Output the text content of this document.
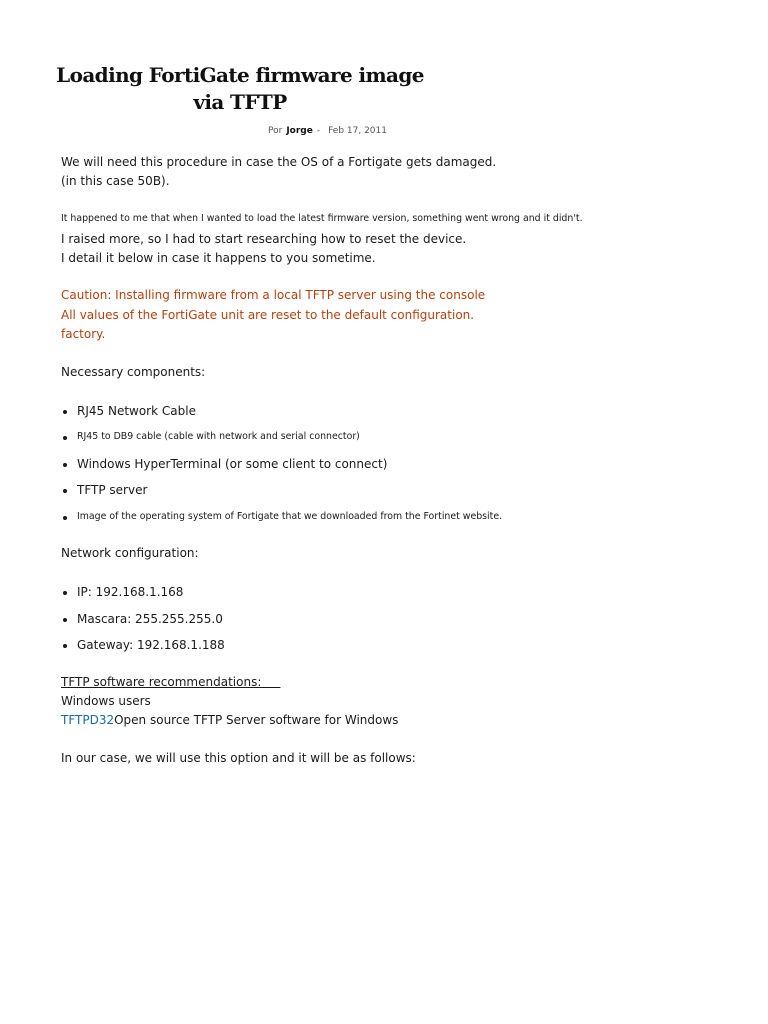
Loading FortiGate firmware image
via TFTP
Por Jorge - Feb 17, 2011
We will need this procedure in case the OS of a Fortigate gets damaged.
(in this case 50B).
It happened to me that when I wanted to load the latest firmware version, something went wrong and it didn't.
I raised more, so I had to start researching how to reset the device.
I detail it below in case it happens to you sometime.
Caution: Installing firmware from a local TFTP server using the console
All values of the FortiGate unit are reset to the default configuration.
factory.
Necessary components:
RJ45 Network Cable
RJ45 to DB9 cable (cable with network and serial connector)
Windows HyperTerminal (or some client to connect)
TFTP server
Image of the operating system of Fortigate that we downloaded from the Fortinet website.
Network configuration:
IP: 192.168.1.168
Mascara: 255.255.255.0
Gateway: 192.168.1.188
TFTP software recommendations:
Windows users
TFTPD32Open source TFTP Server software for Windows
In our case, we will use this option and it will be as follows:
